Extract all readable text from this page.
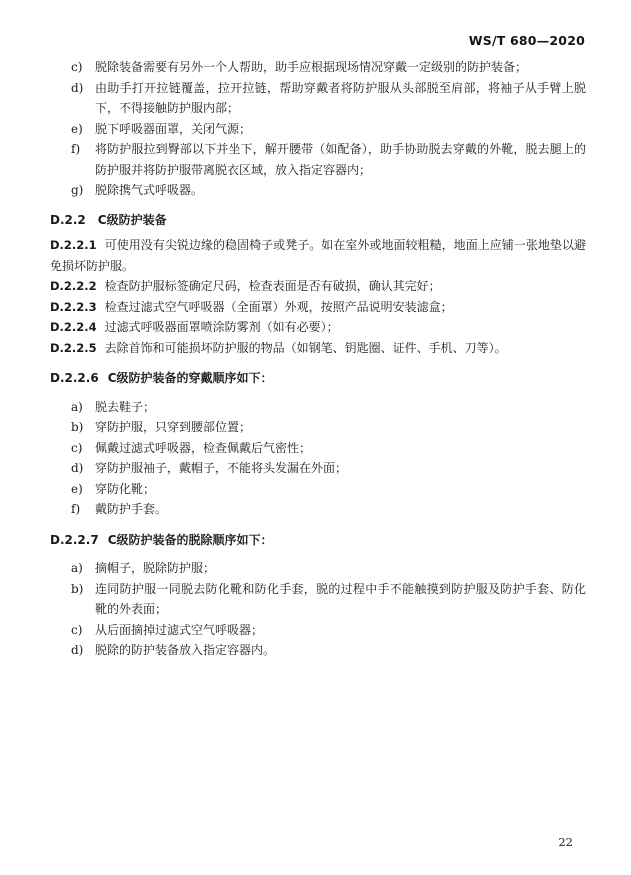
WS/T 680—2020
c) 脱除装备需要有另外一个人帮助，助手应根据现场情况穿戴一定级别的防护装备；
d) 由助手打开拉链覆盖，拉开拉链，帮助穿戴者将防护服从头部脱至肩部，将袖子从手臂上脱下，不得接触防护服内部；
e) 脱下呼吸器面罩，关闭气源；
f) 将防护服拉到臀部以下并坐下，解开腰带（如配备），助手协助脱去穿戴的外靴，脱去腿上的防护服并将防护服带离脱衣区域，放入指定容器内；
g) 脱除携气式呼吸器。
D.2.2 C级防护装备
D.2.2.1 可使用没有尖锐边缘的稳固椅子或凳子。如在室外或地面较粗糙，地面上应铺一张地垫以避免损坏防护服。
D.2.2.2 检查防护服标签确定尺码，检查表面是否有破损，确认其完好；
D.2.2.3 检查过滤式空气呼吸器（全面罩）外观，按照产品说明安装滤盒；
D.2.2.4 过滤式呼吸器面罩喷涂防雾剂（如有必要）；
D.2.2.5 去除首饰和可能损坏防护服的物品（如钢笔、钥匙圈、证件、手机、刀等）。
D.2.2.6 C级防护装备的穿戴顺序如下：
a) 脱去鞋子；
b) 穿防护服，只穿到腰部位置；
c) 佩戴过滤式呼吸器，检查佩戴后气密性；
d) 穿防护服袖子，戴帽子，不能将头发漏在外面；
e) 穿防化靴；
f) 戴防护手套。
D.2.2.7 C级防护装备的脱除顺序如下：
a) 摘帽子，脱除防护服；
b) 连同防护服一同脱去防化靴和防化手套，脱的过程中手不能触摸到防护服及防护手套、防化靴的外表面；
c) 从后面摘掉过滤式空气呼吸器；
d) 脱除的防护装备放入指定容器内。
22
